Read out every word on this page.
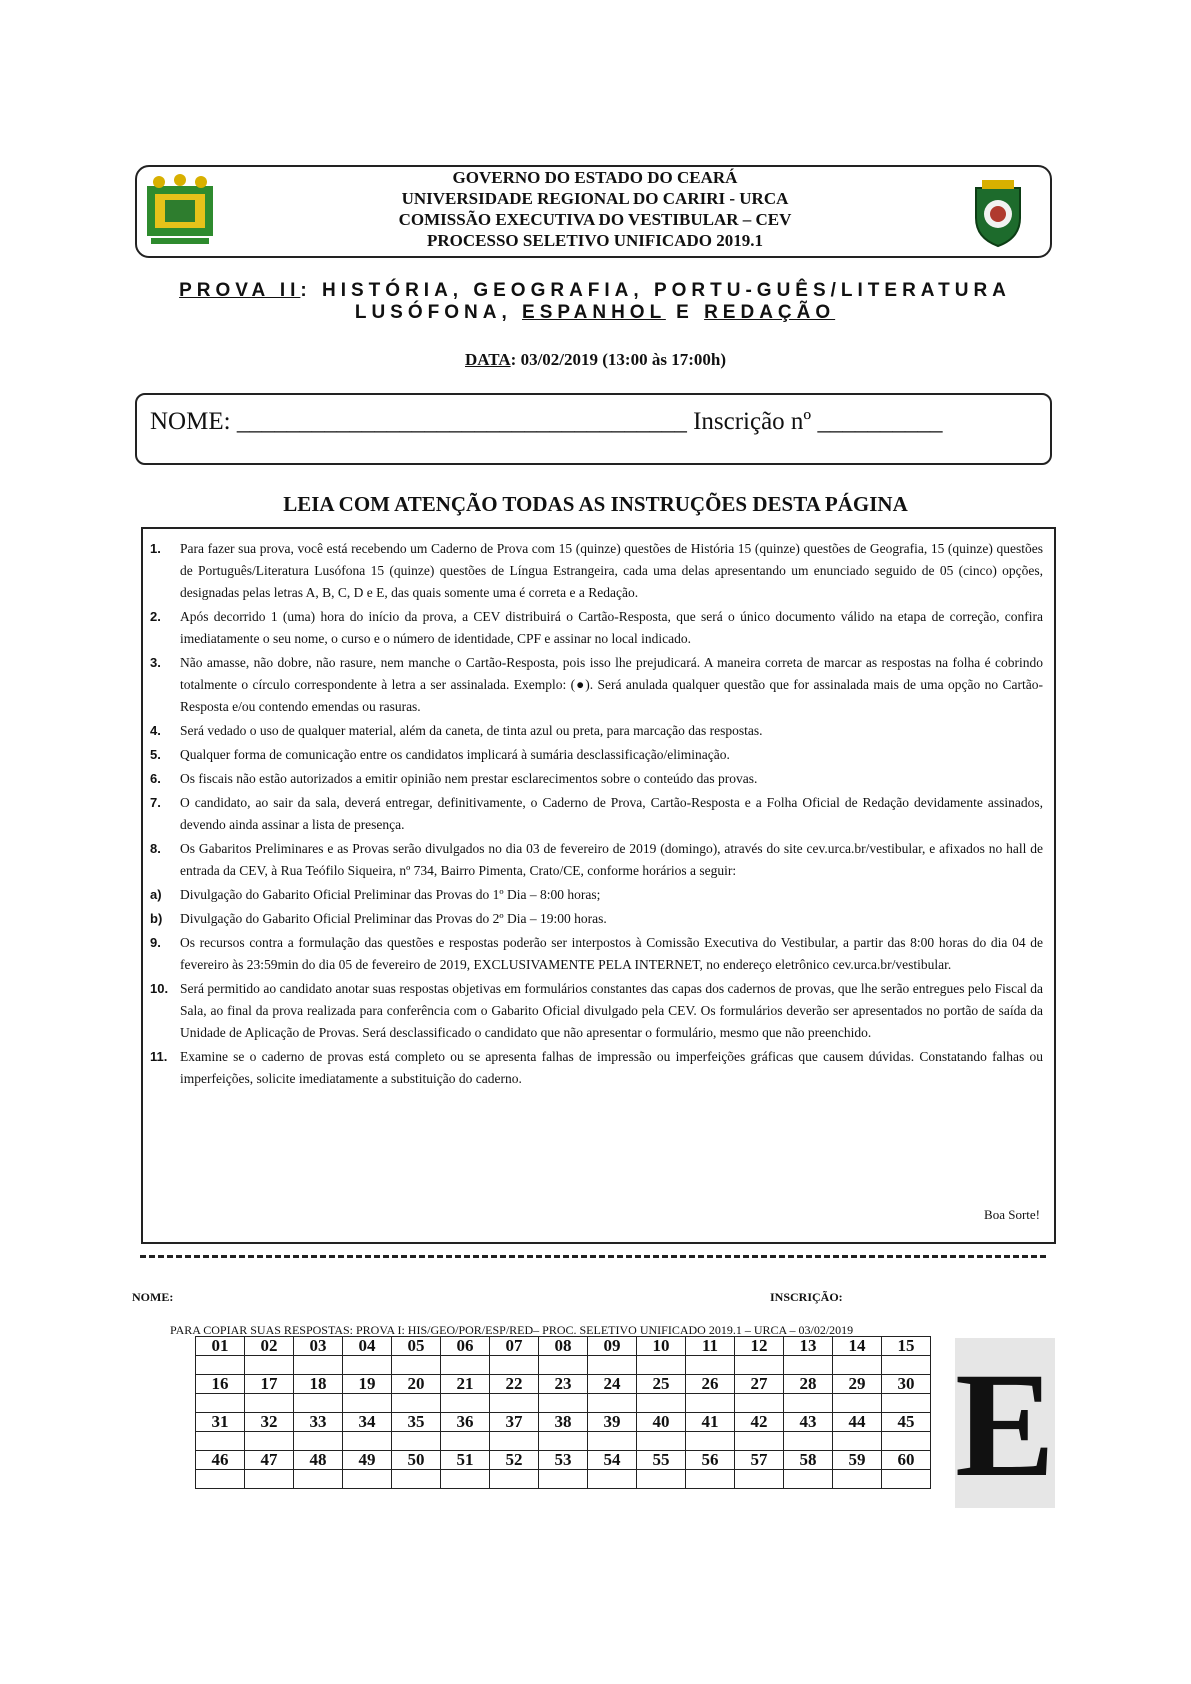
GOVERNO DO ESTADO DO CEARÁ
UNIVERSIDADE REGIONAL DO CARIRI - URCA
COMISSÃO EXECUTIVA DO VESTIBULAR – CEV
PROCESSO SELETIVO UNIFICADO 2019.1
PROVA II: HISTÓRIA, GEOGRAFIA, PORTU-GUÊS/LITERATURA LUSÓFONA, ESPANHOL E REDAÇÃO
DATA: 03/02/2019 (13:00 às 17:00h)
NOME: ____________________________________ Inscrição nº __________
LEIA COM ATENÇÃO TODAS AS INSTRUÇÕES DESTA PÁGINA
1.	Para fazer sua prova, você está recebendo um Caderno de Prova com 15 (quinze) questões de História 15 (quinze) questões de Geografia, 15 (quinze) questões de Português/Literatura Lusófona 15 (quinze) questões de Língua Estrangeira, cada uma delas apresentando um enunciado seguido de 05 (cinco) opções, designadas pelas letras A, B, C, D e E, das quais somente uma é correta e a Redação.
2.	Após decorrido 1 (uma) hora do início da prova, a CEV distribuirá o Cartão-Resposta, que será o único documento válido na etapa de correção, confira imediatamente o seu nome, o curso e o número de identidade, CPF e assinar no local indicado.
3.	Não amasse, não dobre, não rasure, nem manche o Cartão-Resposta, pois isso lhe prejudicará. A maneira correta de marcar as respostas na folha é cobrindo totalmente o círculo correspondente à letra a ser assinalada. Exemplo: (●). Será anulada qualquer questão que for assinalada mais de uma opção no Cartão-Resposta e/ou contendo emendas ou rasuras.
4.	Será vedado o uso de qualquer material, além da caneta, de tinta azul ou preta, para marcação das respostas.
5.	Qualquer forma de comunicação entre os candidatos implicará à sumária desclassificação/eliminação.
6.	Os fiscais não estão autorizados a emitir opinião nem prestar esclarecimentos sobre o conteúdo das provas.
7.	O candidato, ao sair da sala, deverá entregar, definitivamente, o Caderno de Prova, Cartão-Resposta e a Folha Oficial de Redação devidamente assinados, devendo ainda assinar a lista de presença.
8.	Os Gabaritos Preliminares e as Provas serão divulgados no dia 03 de fevereiro de 2019 (domingo), através do site cev.urca.br/vestibular, e afixados no hall de entrada da CEV, à Rua Teófilo Siqueira, nº 734, Bairro Pimenta, Crato/CE, conforme horários a seguir:
a)	Divulgação do Gabarito Oficial Preliminar das Provas do 1º Dia – 8:00 horas;
b)	Divulgação do Gabarito Oficial Preliminar das Provas do 2º Dia – 19:00 horas.
9.	Os recursos contra a formulação das questões e respostas poderão ser interpostos à Comissão Executiva do Vestibular, a partir das 8:00 horas do dia 04 de fevereiro às 23:59min do dia 05 de fevereiro de 2019, EXCLUSIVAMENTE PELA INTERNET, no endereço eletrônico cev.urca.br/vestibular.
10. Será permitido ao candidato anotar suas respostas objetivas em formulários constantes das capas dos cadernos de provas, que lhe serão entregues pelo Fiscal da Sala, ao final da prova realizada para conferência com o Gabarito Oficial divulgado pela CEV. Os formulários deverão ser apresentados no portão de saída da Unidade de Aplicação de Provas. Será desclassificado o candidato que não apresentar o formulário, mesmo que não preenchido.
11. Examine se o caderno de provas está completo ou se apresenta falhas de impressão ou imperfeições gráficas que causem dúvidas. Constatando falhas ou imperfeições, solicite imediatamente a substituição do caderno.
Boa Sorte!
NOME:	INSCRIÇÃO:
PARA COPIAR SUAS RESPOSTAS: PROVA I: HIS/GEO/POR/ESP/RED– PROC. SELETIVO UNIFICADO 2019.1 – URCA – 03/02/2019
01	02	03	04	05	06	07	08	09	10	11	12	13	14	15

16	17	18	19	20	21	22	23	24	25	26	27	28	29	30

31	32	33	34	35	36	37	38	39	40	41	42	43	44	45

46	47	48	49	50	51	52	53	54	55	56	57	58	59	60
														E
